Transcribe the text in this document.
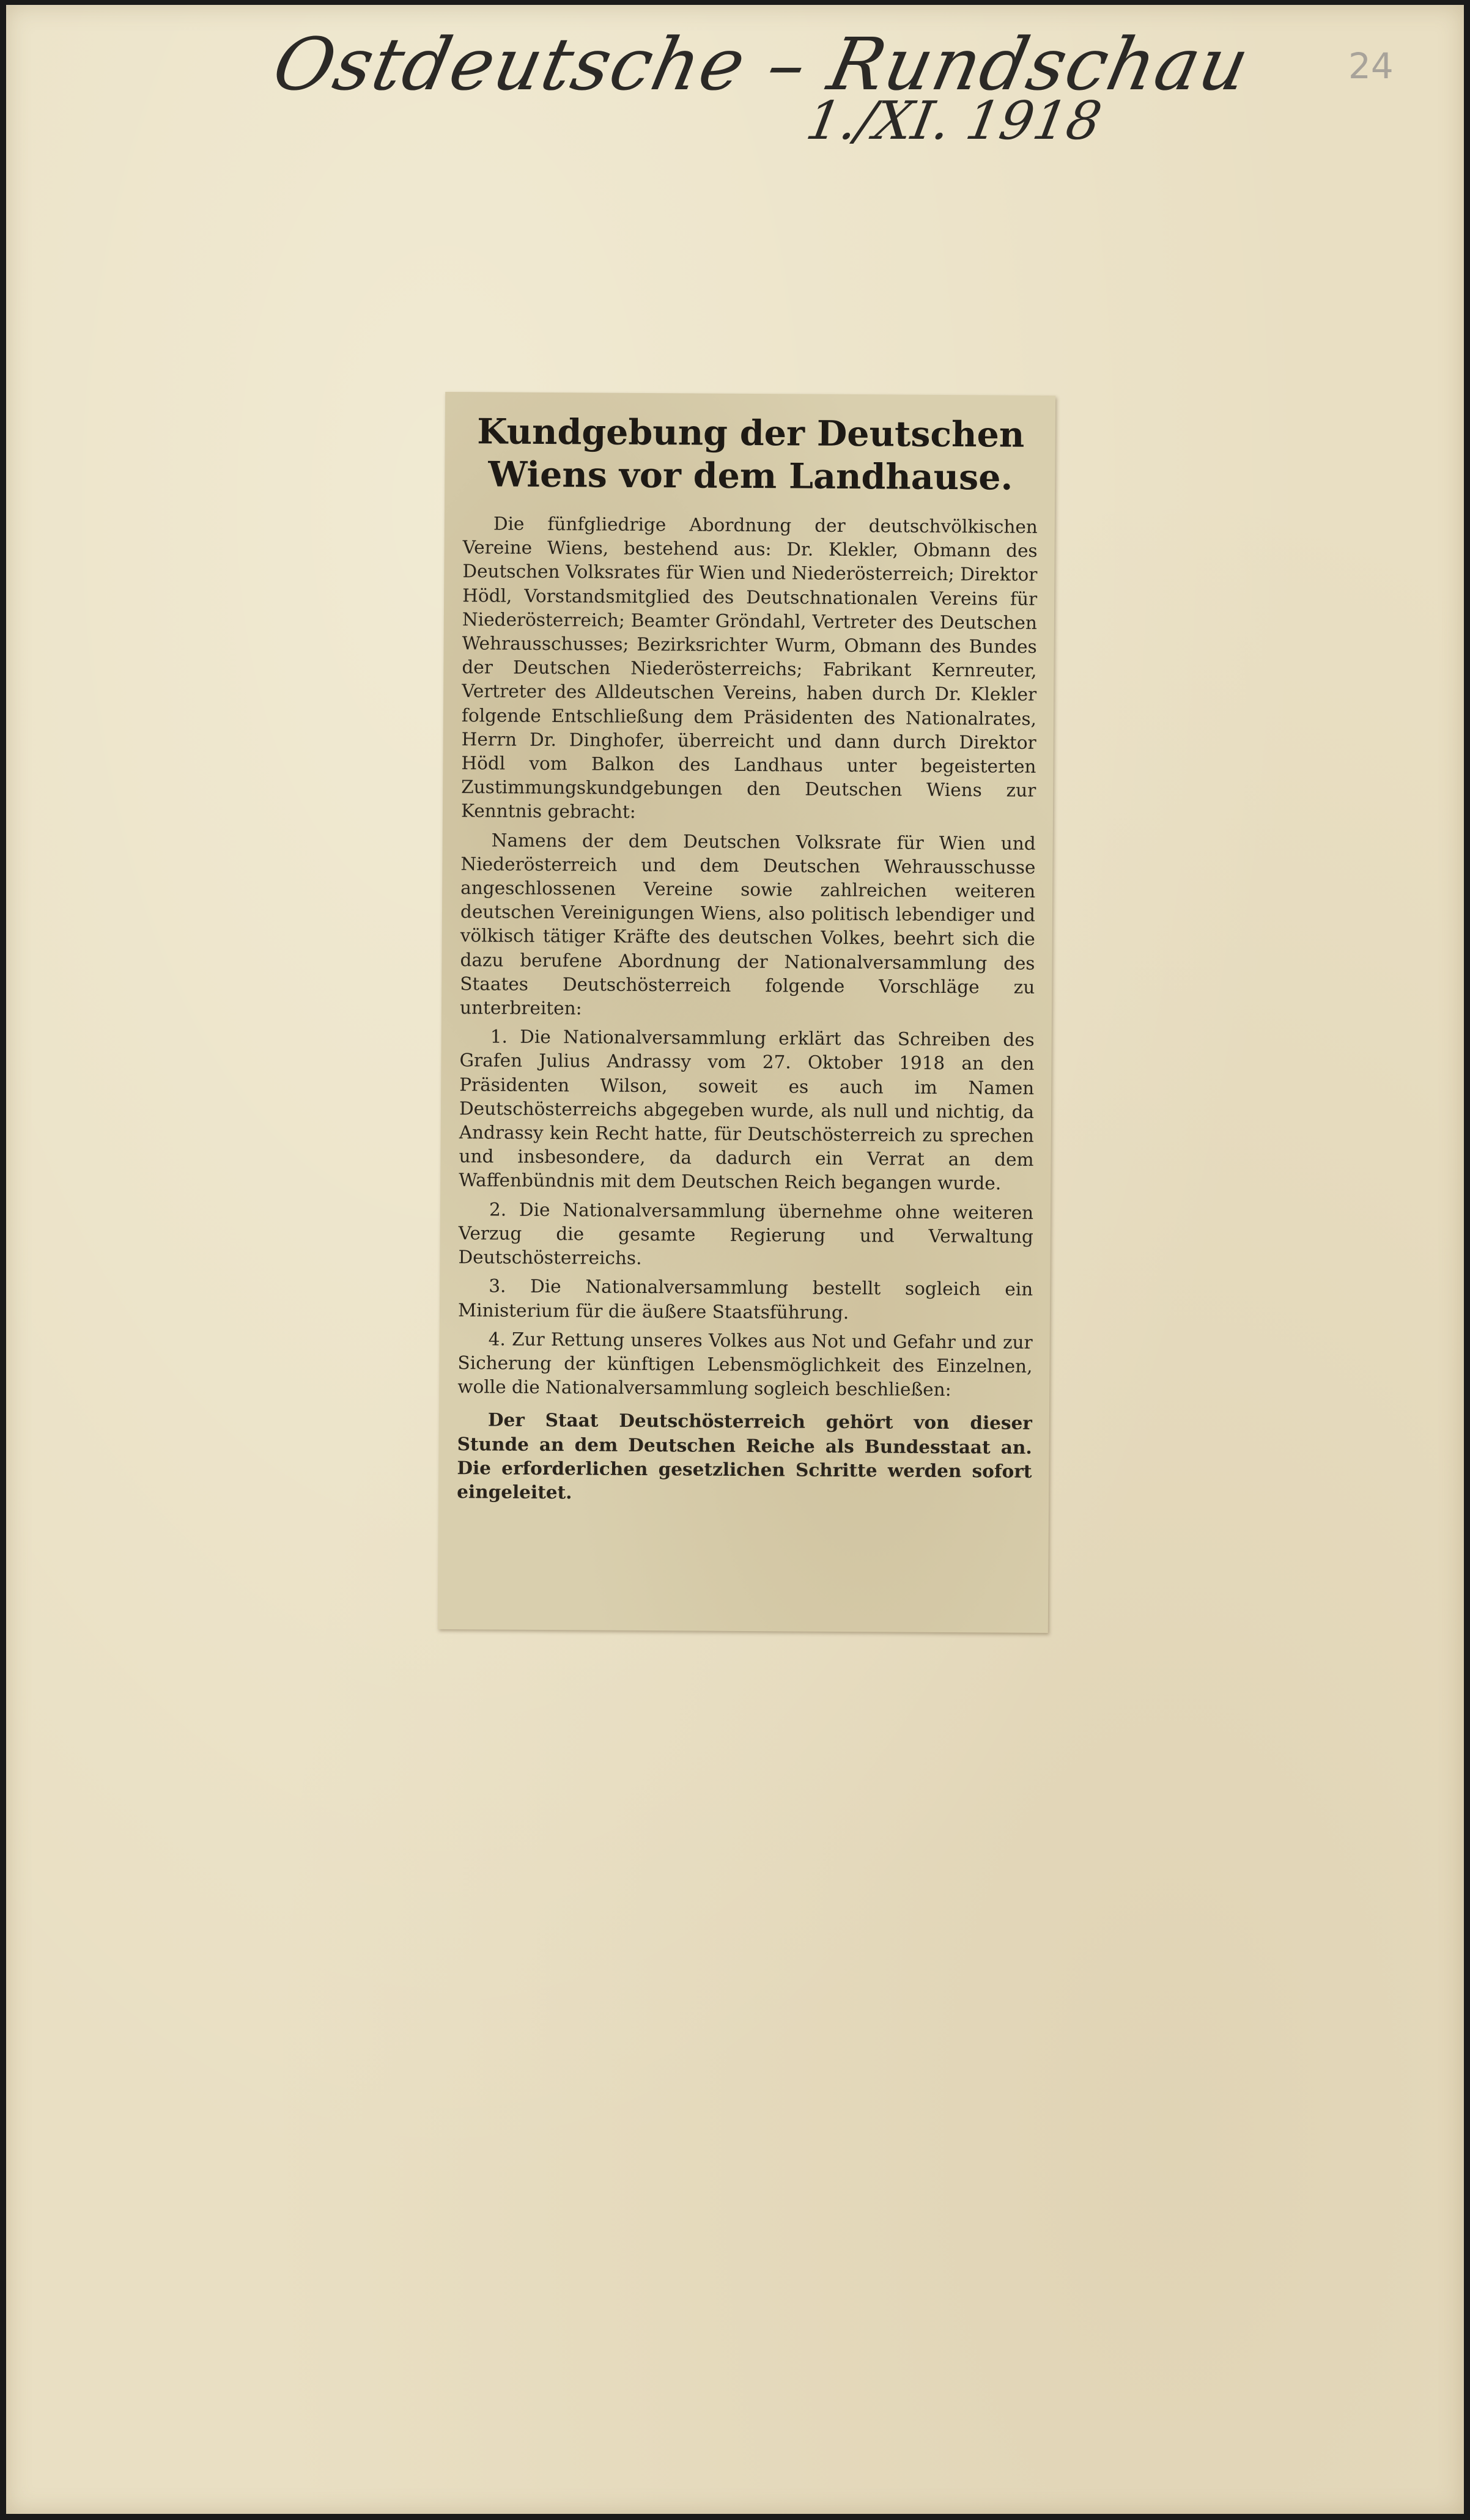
Ostdeutsche – Rundschau
1./XI. 1918
24
Kundgebung der Deutschen Wiens vor dem Landhause.

Die fünfgliedrige Abordnung der deutschvölkischen Vereine Wiens, bestehend aus: Dr. Klekler, Obmann des Deutschen Volksrates für Wien und Niederösterreich; Direktor Hödl, Vorstandsmitglied des Deutschnationalen Vereins für Niederösterreich; Beamter Gröndahl, Vertreter des Deutschen Wehrausschusses; Bezirksrichter Wurm, Obmann des Bundes der Deutschen Niederösterreichs; Fabrikant Kernreuter, Vertreter des Alldeutschen Vereins, haben durch Dr. Klekler folgende Entschließung dem Präsidenten des Nationalrates, Herrn Dr. Dinghofer, überreicht und dann durch Direktor Hödl vom Balkon des Landhaus unter begeisterten Zustimmungskundgebungen den Deutschen Wiens zur Kenntnis gebracht:

Namens der dem Deutschen Volksrate für Wien und Niederösterreich und dem Deutschen Wehrausschusse angeschlossenen Vereine sowie zahlreichen weiteren deutschen Vereinigungen Wiens, also politisch lebendiger und völkisch tätiger Kräfte des deutschen Volkes, beehrt sich die dazu berufene Abordnung der Nationalversammlung des Staates Deutschösterreich folgende Vorschläge zu unterbreiten:

1. Die Nationalversammlung erklärt das Schreiben des Grafen Julius Andrassy vom 27. Oktober 1918 an den Präsidenten Wilson, soweit es auch im Namen Deutschösterreichs abgegeben wurde, als null und nichtig, da Andrassy kein Recht hatte, für Deutschösterreich zu sprechen und insbesondere, da dadurch ein Verrat an dem Waffenbündnis mit dem Deutschen Reich begangen wurde.

2. Die Nationalversammlung übernehme ohne weiteren Verzug die gesamte Regierung und Verwaltung Deutschösterreichs.

3. Die Nationalversammlung bestellt sogleich ein Ministerium für die äußere Staatsführung.

4. Zur Rettung unseres Volkes aus Not und Gefahr und zur Sicherung der künftigen Lebensmöglichkeit des Einzelnen, wolle die Nationalversammlung sogleich beschließen:

Der Staat Deutschösterreich gehört von dieser Stunde an dem Deutschen Reiche als Bundesstaat an. Die erforderlichen gesetzlichen Schritte werden sofort eingeleitet.
